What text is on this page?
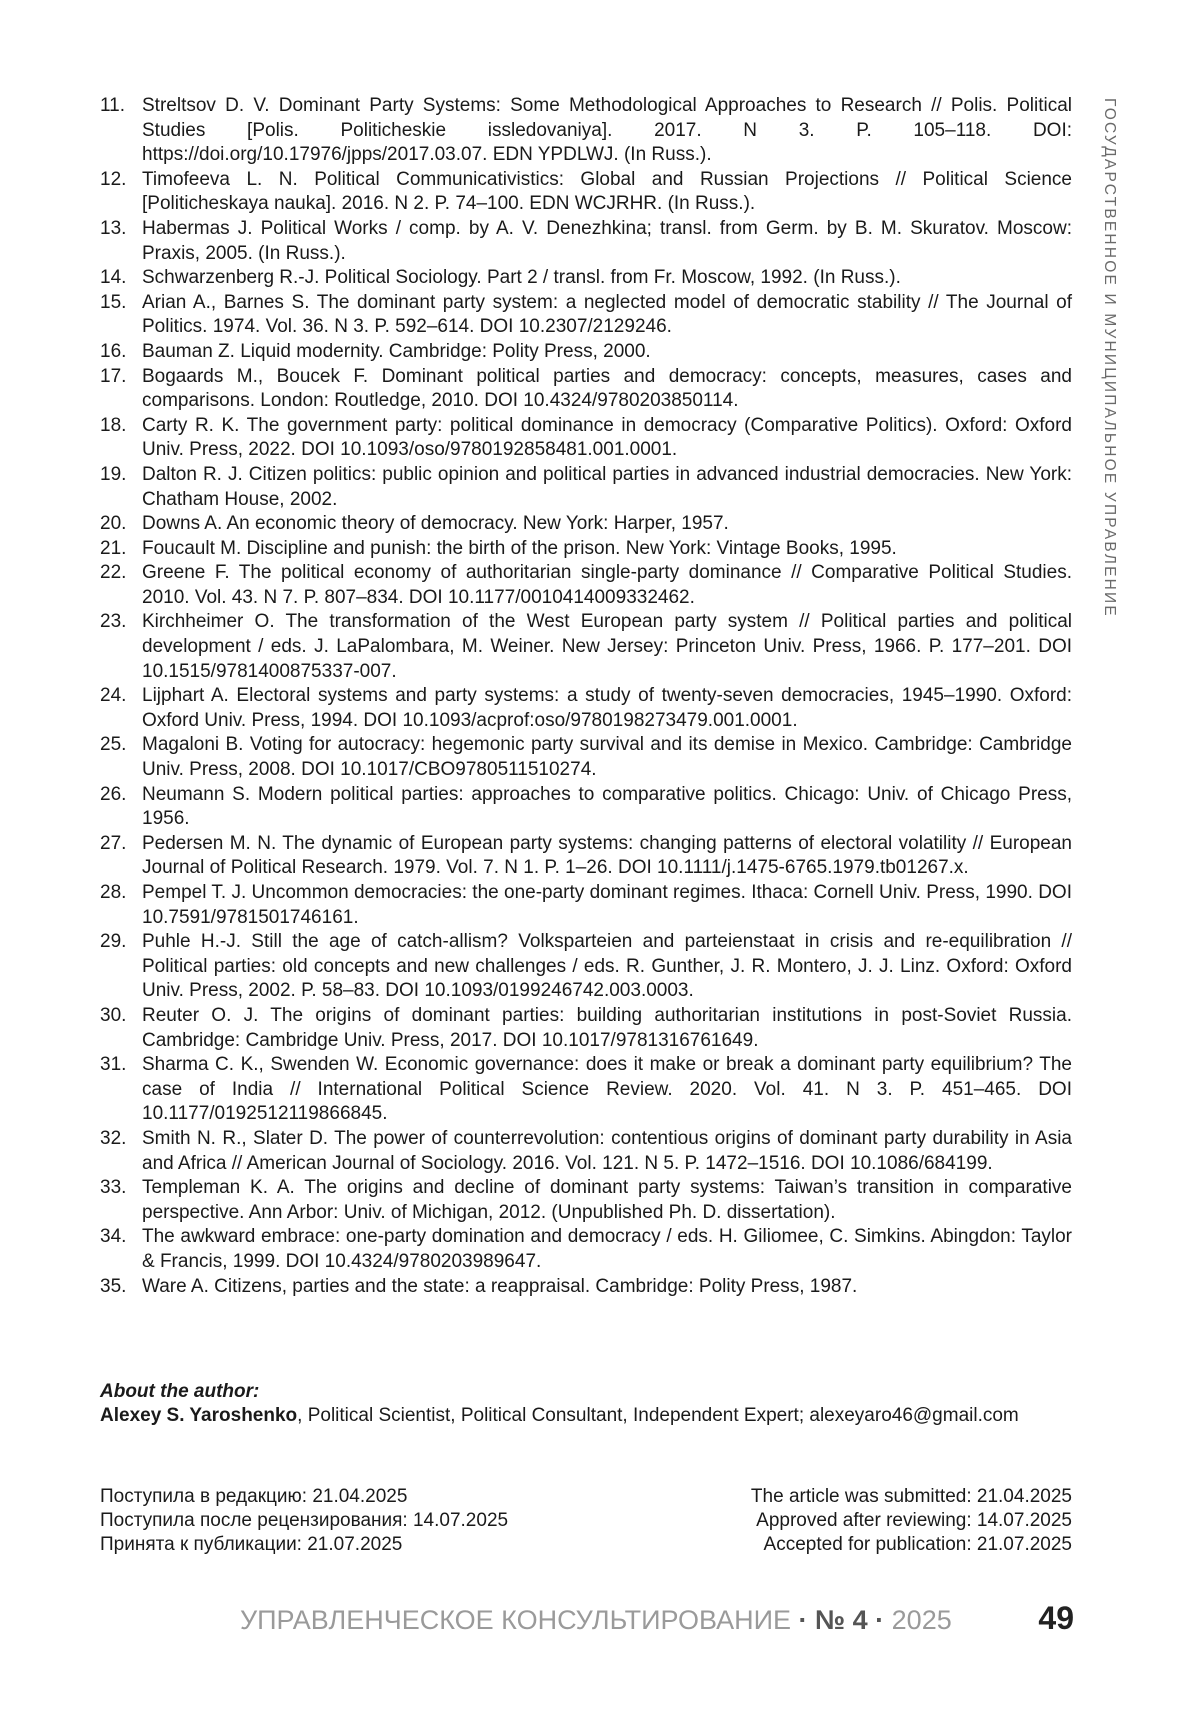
ГОСУДАРСТВЕННОЕ И МУНИЦИПАЛЬНОЕ УПРАВЛЕНИЕ
11. Streltsov D. V. Dominant Party Systems: Some Methodological Approaches to Research // Polis. Political Studies [Polis. Politicheskie issledovaniya]. 2017. N 3. P. 105–118. DOI: https://doi.org/10.17976/jpps/2017.03.07. EDN YPDLWJ. (In Russ.).
12. Timofeeva L. N. Political Communicativistics: Global and Russian Projections // Political Science [Politicheskaya nauka]. 2016. N 2. P. 74–100. EDN WCJRHR. (In Russ.).
13. Habermas J. Political Works / comp. by A. V. Denezhkina; transl. from Germ. by B. M. Skuratov. Moscow: Praxis, 2005. (In Russ.).
14. Schwarzenberg R.-J. Political Sociology. Part 2 / transl. from Fr. Moscow, 1992. (In Russ.).
15. Arian A., Barnes S. The dominant party system: a neglected model of democratic stability // The Journal of Politics. 1974. Vol. 36. N 3. P. 592–614. DOI 10.2307/2129246.
16. Bauman Z. Liquid modernity. Cambridge: Polity Press, 2000.
17. Bogaards M., Boucek F. Dominant political parties and democracy: concepts, measures, cases and comparisons. London: Routledge, 2010. DOI 10.4324/9780203850114.
18. Carty R. K. The government party: political dominance in democracy (Comparative Politics). Oxford: Oxford Univ. Press, 2022. DOI 10.1093/oso/9780192858481.001.0001.
19. Dalton R. J. Citizen politics: public opinion and political parties in advanced industrial democracies. New York: Chatham House, 2002.
20. Downs A. An economic theory of democracy. New York: Harper, 1957.
21. Foucault M. Discipline and punish: the birth of the prison. New York: Vintage Books, 1995.
22. Greene F. The political economy of authoritarian single-party dominance // Comparative Political Studies. 2010. Vol. 43. N 7. P. 807–834. DOI 10.1177/0010414009332462.
23. Kirchheimer O. The transformation of the West European party system // Political parties and political development / eds. J. LaPalombara, M. Weiner. New Jersey: Princeton Univ. Press, 1966. P. 177–201. DOI 10.1515/9781400875337-007.
24. Lijphart A. Electoral systems and party systems: a study of twenty-seven democracies, 1945–1990. Oxford: Oxford Univ. Press, 1994. DOI 10.1093/acprof:oso/9780198273479.001.0001.
25. Magaloni B. Voting for autocracy: hegemonic party survival and its demise in Mexico. Cambridge: Cambridge Univ. Press, 2008. DOI 10.1017/CBO9780511510274.
26. Neumann S. Modern political parties: approaches to comparative politics. Chicago: Univ. of Chicago Press, 1956.
27. Pedersen M. N. The dynamic of European party systems: changing patterns of electoral volatility // European Journal of Political Research. 1979. Vol. 7. N 1. P. 1–26. DOI 10.1111/j.1475-6765.1979.tb01267.x.
28. Pempel T. J. Uncommon democracies: the one-party dominant regimes. Ithaca: Cornell Univ. Press, 1990. DOI 10.7591/9781501746161.
29. Puhle H.-J. Still the age of catch-allism? Volksparteien and parteienstaat in crisis and re-equilibration // Political parties: old concepts and new challenges / eds. R. Gunther, J. R. Montero, J. J. Linz. Oxford: Oxford Univ. Press, 2002. P. 58–83. DOI 10.1093/0199246742.003.0003.
30. Reuter O. J. The origins of dominant parties: building authoritarian institutions in post-Soviet Russia. Cambridge: Cambridge Univ. Press, 2017. DOI 10.1017/9781316761649.
31. Sharma C. K., Swenden W. Economic governance: does it make or break a dominant party equilibrium? The case of India // International Political Science Review. 2020. Vol. 41. N 3. P. 451–465. DOI 10.1177/0192512119866845.
32. Smith N. R., Slater D. The power of counterrevolution: contentious origins of dominant party durability in Asia and Africa // American Journal of Sociology. 2016. Vol. 121. N 5. P. 1472–1516. DOI 10.1086/684199.
33. Templeman K. A. The origins and decline of dominant party systems: Taiwan’s transition in comparative perspective. Ann Arbor: Univ. of Michigan, 2012. (Unpublished Ph. D. dissertation).
34. The awkward embrace: one-party domination and democracy / eds. H. Giliomee, C. Simkins. Abingdon: Taylor & Francis, 1999. DOI 10.4324/9780203989647.
35. Ware A. Citizens, parties and the state: a reappraisal. Cambridge: Polity Press, 1987.
About the author:
Alexey S. Yaroshenko, Political Scientist, Political Consultant, Independent Expert; alexeyaro46@gmail.com
Поступила в редакцию: 21.04.2025
Поступила после рецензирования: 14.07.2025
Принята к публикации: 21.07.2025
The article was submitted: 21.04.2025
Approved after reviewing: 14.07.2025
Accepted for publication: 21.07.2025
УПРАВЛЕНЧЕСКОЕ КОНСУЛЬТИРОВАНИЕ · № 4 · 2025	49
